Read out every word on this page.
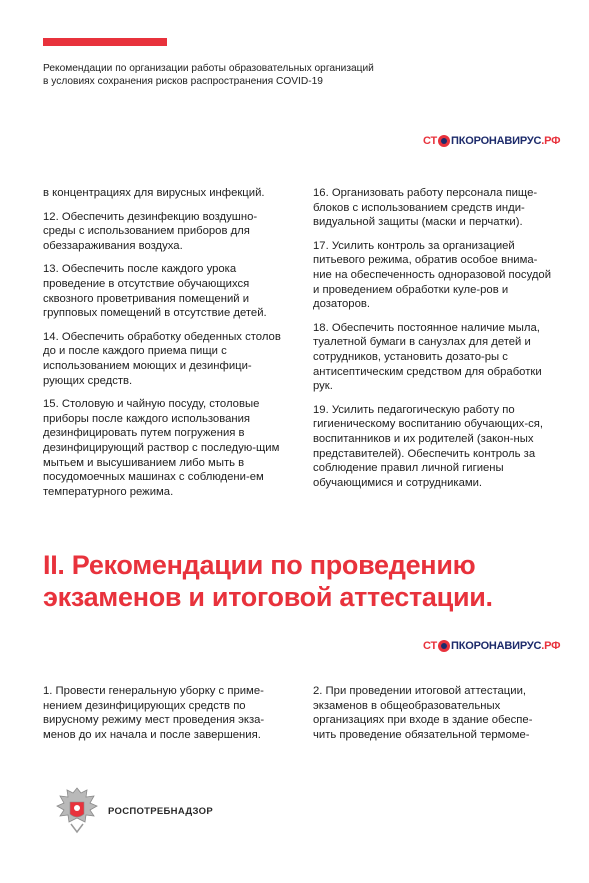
Рекомендации по организации работы образовательных организаций
в условиях сохранения рисков распространения COVID-19
СТ ПКОРОНАВИРУС .РФ

в концентрациях для вирусных инфекций.

12. Обеспечить дезинфекцию воздушно-среды с использованием приборов для обеззараживания воздуха.

13. Обеспечить после каждого урока проведение в отсутствие обучающихся сквозного проветривания помещений и групповых помещений в отсутствие детей.

14. Обеспечить обработку обеденных столов до и после каждого приема пищи с использованием моющих и дезинфици-рующих средств.

15. Столовую и чайную посуду, столовые приборы после каждого использования дезинфицировать путем погружения в дезинфицирующий раствор с последую-щим мытьем и высушиванием либо мыть в посудомоечных машинах с соблюдени-ем температурного режима.

16. Организовать работу персонала пище-блоков с использованием средств инди-видуальной защиты (маски и перчатки).

17. Усилить контроль за организацией питьевого режима, обратив особое внима-ние на обеспеченность одноразовой посудой и проведением обработки куле-ров и дозаторов.

18. Обеспечить постоянное наличие мыла, туалетной бумаги в санузлах для детей и сотрудников, установить дозато-ры с антисептическим средством для обработки рук.

19. Усилить педагогическую работу по гигиеническому воспитанию обучающих-ся, воспитанников и их родителей (закон-ных представителей). Обеспечить контроль за соблюдение правил личной гигиены обучающимися и сотрудниками.

II. Рекомендации по проведению
экзаменов и итоговой аттестации.
СТ ПКОРОНАВИРУС .РФ

1. Провести генеральную уборку с приме-нением дезинфицирующих средств по вирусному режиму мест проведения экза-менов до их начала и после завершения.

2. При проведении итоговой аттестации, экзаменов в общеобразовательных организациях при входе в здание обеспе-чить проведение обязательной термоме-

РОСПОТРЕБНАДЗОР
